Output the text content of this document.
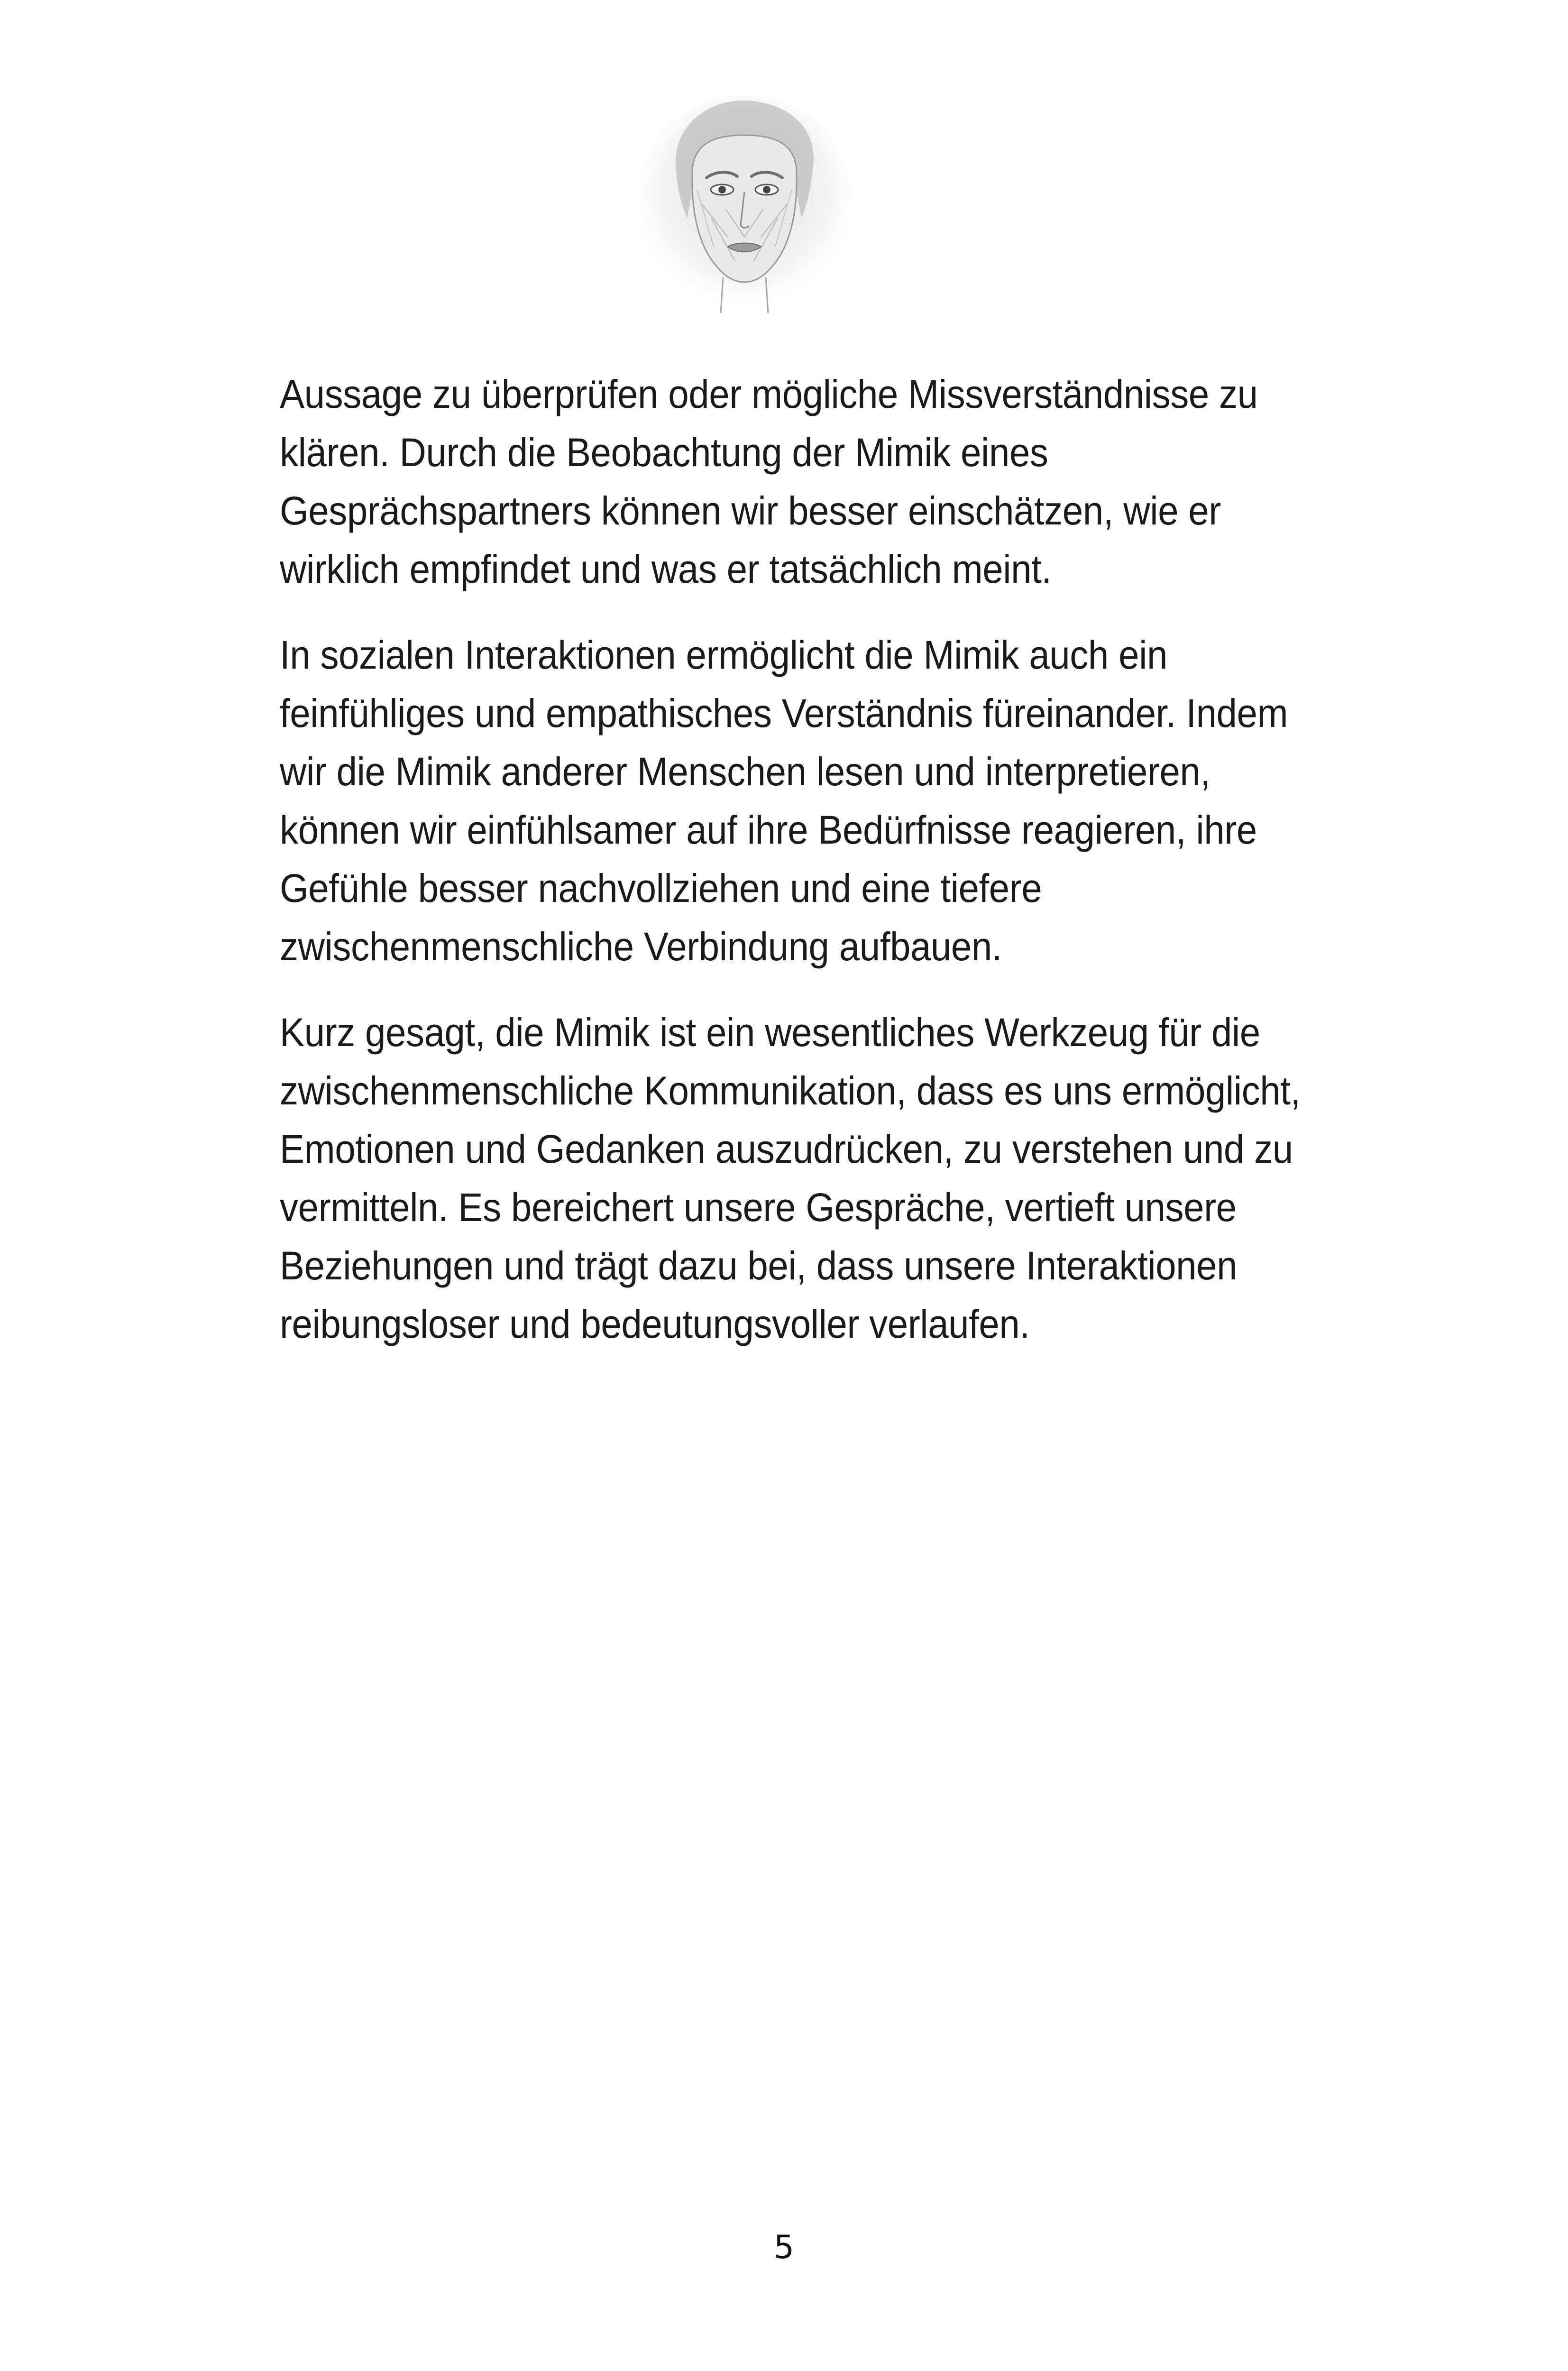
Aussage zu überprüfen oder mögliche Missverständnisse zu klären. Durch die Beobachtung der Mimik eines Gesprächspartners können wir besser einschätzen, wie er wirklich empfindet und was er tatsächlich meint.

In sozialen Interaktionen ermöglicht die Mimik auch ein feinfühliges und empathisches Verständnis füreinander. Indem wir die Mimik anderer Menschen lesen und interpretieren, können wir einfühlsamer auf ihre Bedürfnisse reagieren, ihre Gefühle besser nachvollziehen und eine tiefere zwischenmenschliche Verbindung aufbauen.

Kurz gesagt, die Mimik ist ein wesentliches Werkzeug für die zwischenmenschliche Kommunikation, dass es uns ermöglicht, Emotionen und Gedanken auszudrücken, zu verstehen und zu vermitteln. Es bereichert unsere Gespräche, vertieft unsere Beziehungen und trägt dazu bei, dass unsere Interaktionen reibungsloser und bedeutungsvoller verlaufen.

5
